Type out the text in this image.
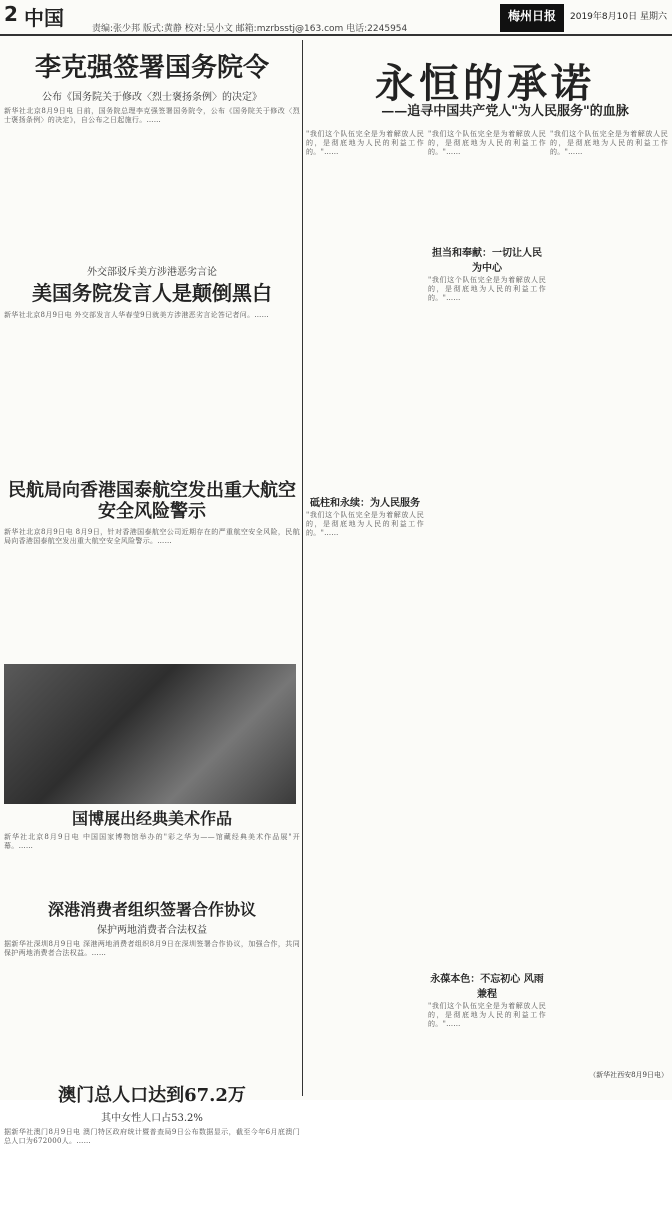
2 中国	责编:张少邦 版式:黄静 校对:吴小文 邮箱:mzrbsstj@163.com 电话:2245954
梅州日报	2019年8月10日 星期六
李克强签署国务院令
公布《国务院关于修改〈烈士褒扬条例〉的决定》
新华社北京8月9日电 日前，国务院总理李克强签署国务院令，公布《国务院关于修改〈烈士褒扬条例〉的决定》，自公布之日起施行。……
外交部驳斥美方涉港恶劣言论
美国务院发言人是颠倒黑白
新华社北京8月9日电 外交部发言人华春莹9日就美方涉港恶劣言论答记者问。……
民航局向香港国泰航空发出重大航空安全风险警示
新华社北京8月9日电 8月9日，针对香港国泰航空公司近期存在的严重航空安全风险，民航局向香港国泰航空发出重大航空安全风险警示。……
国博展出经典美术作品
新华社北京8月9日电 中国国家博物馆举办的"彩之华为——馆藏经典美术作品展"开幕。……
深港消费者组织签署合作协议
保护两地消费者合法权益
据新华社深圳8月9日电 深港两地消费者组织8月9日在深圳签署合作协议，加强合作，共同保护两地消费者合法权益。……
澳门总人口达到67.2万
其中女性人口占53.2%
据新华社澳门8月9日电 澳门特区政府统计暨普查局9日公布数据显示，截至今年6月底澳门总人口为672000人。……
永恒的承诺
——追寻中国共产党人"为人民服务"的血脉
"我们这个队伍完全是为着解放人民的，是彻底地为人民的利益工作的。"……
砥柱和永续：为人民服务
"我们这个队伍完全是为着解放人民的，是彻底地为人民的利益工作的。"……
"我们这个队伍完全是为着解放人民的，是彻底地为人民的利益工作的。"……
担当和奉献：一切让人民为中心
"我们这个队伍完全是为着解放人民的，是彻底地为人民的利益工作的。"……
永葆本色：不忘初心 风雨兼程
"我们这个队伍完全是为着解放人民的，是彻底地为人民的利益工作的。"……
"我们这个队伍完全是为着解放人民的，是彻底地为人民的利益工作的。"……
（新华社西安8月9日电）
